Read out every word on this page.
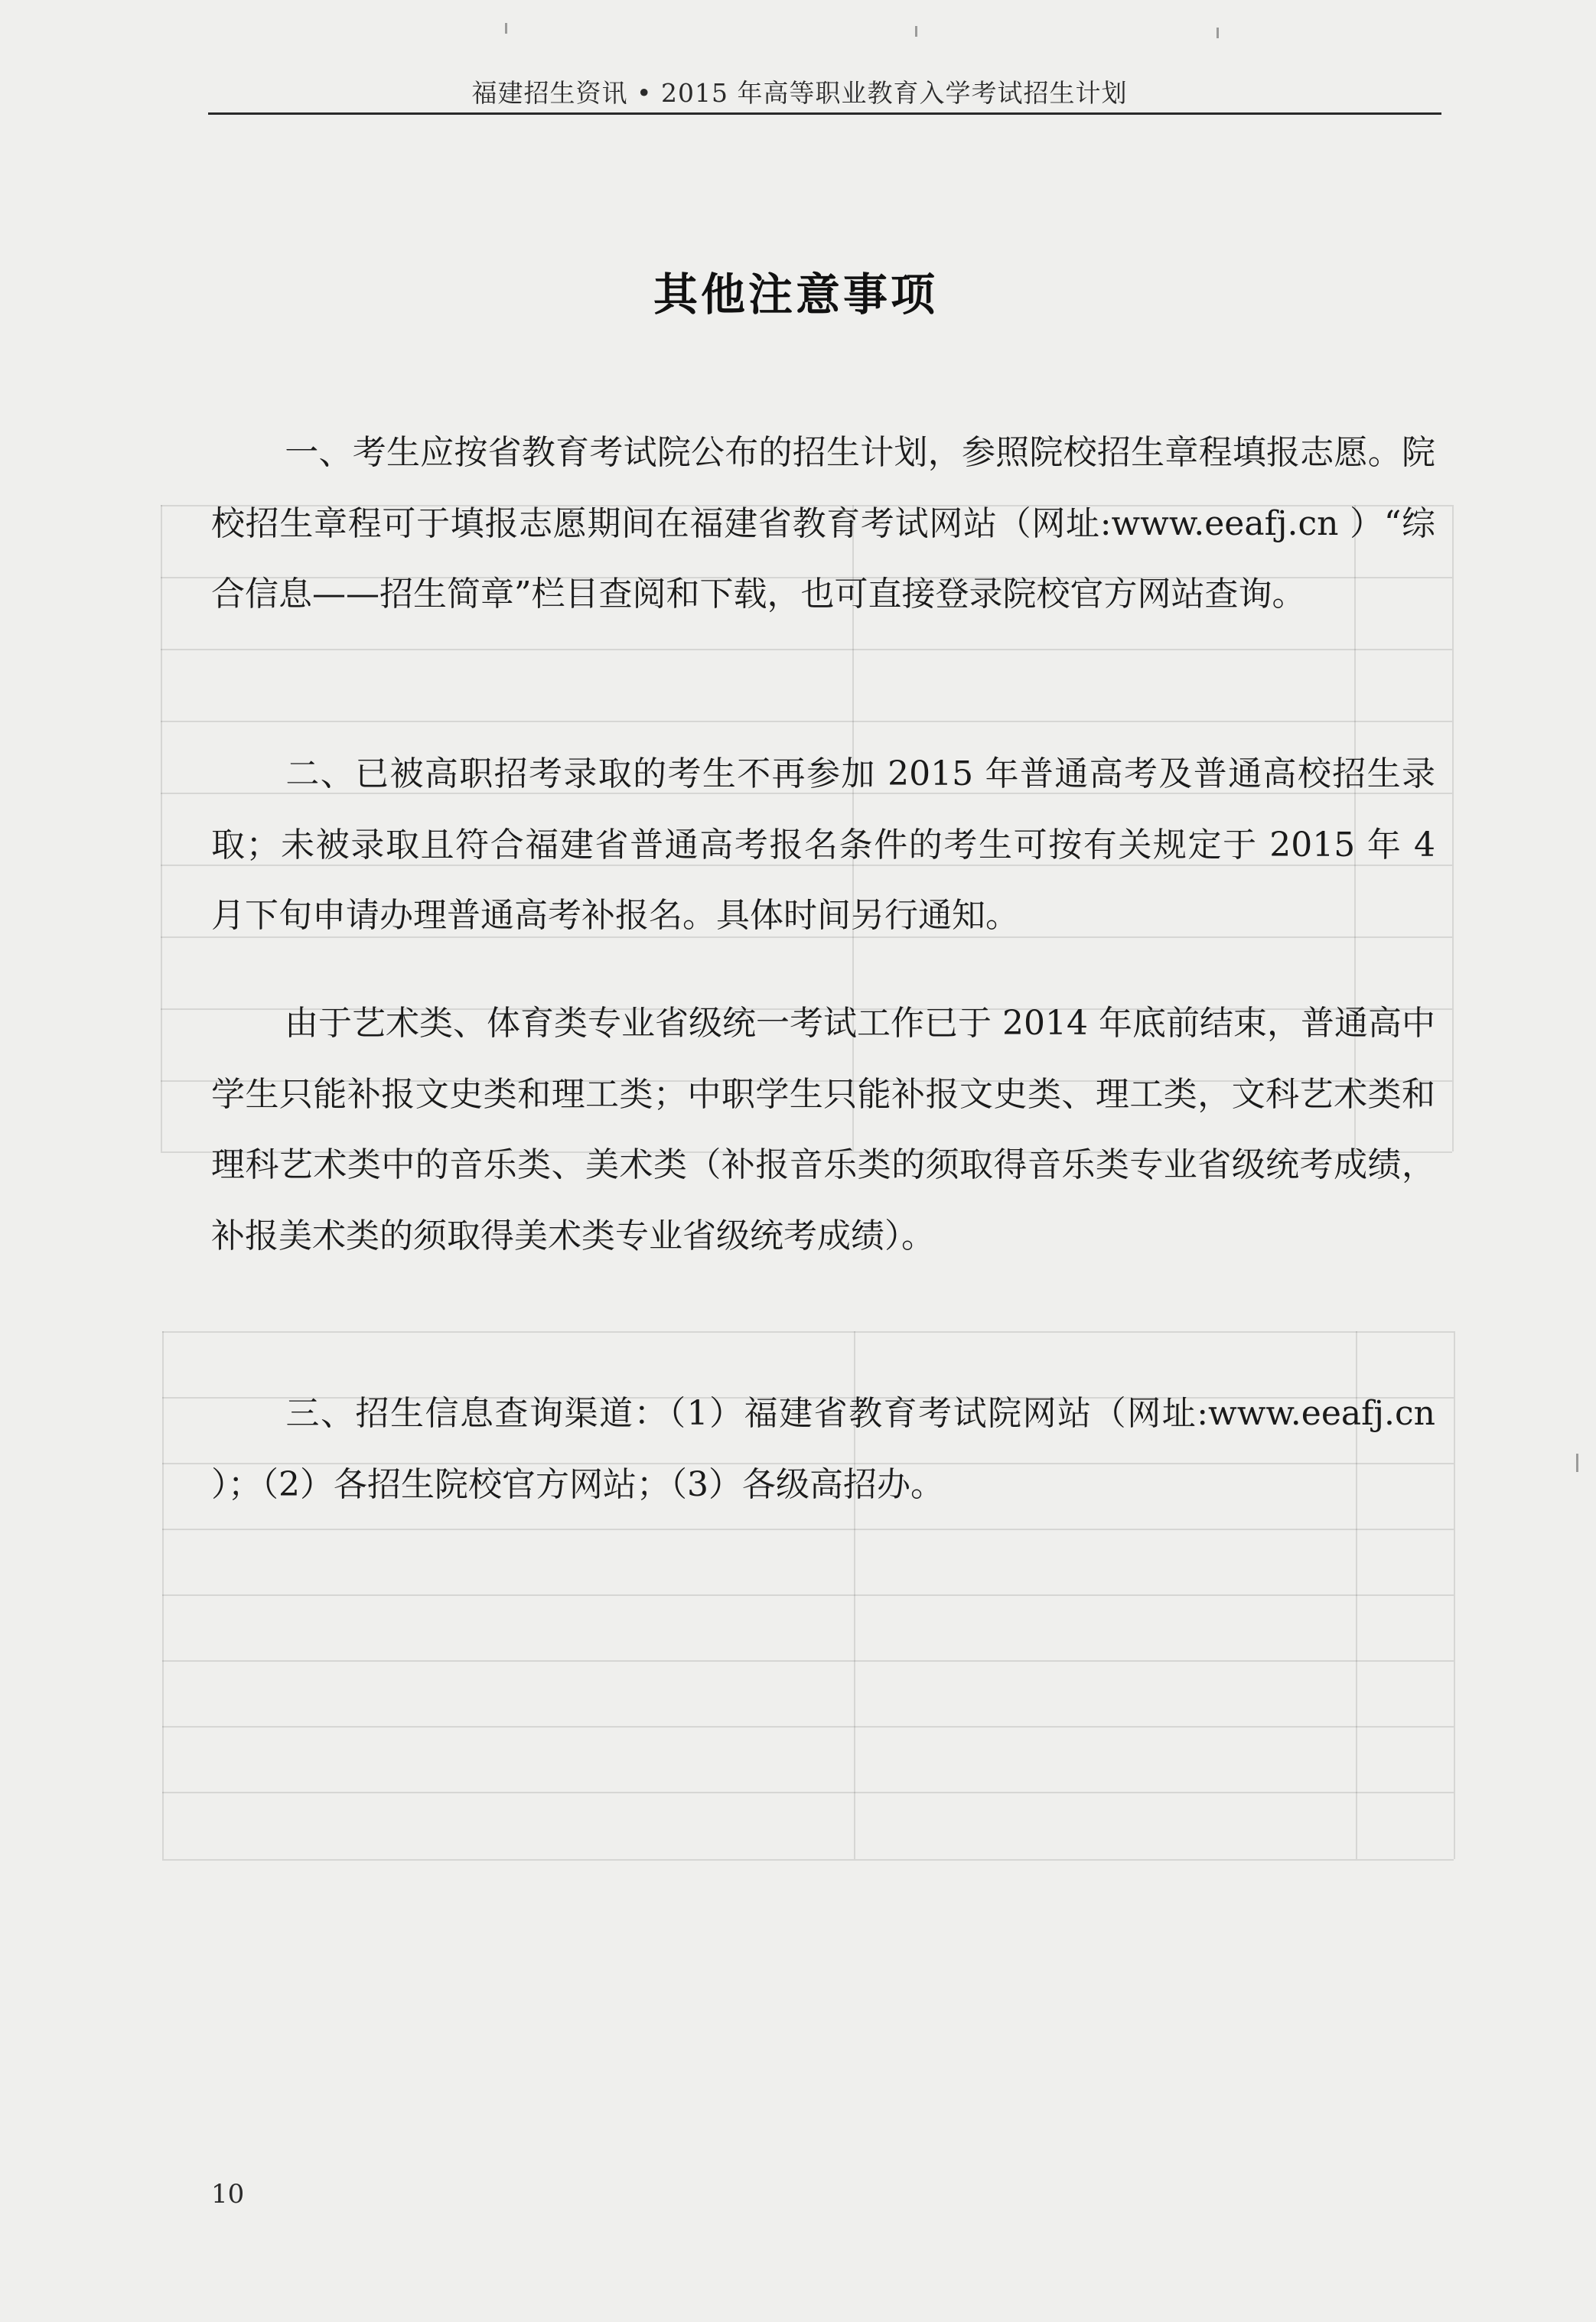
福建招生资讯 • 2015 年高等职业教育入学考试招生计划
其他注意事项

一、考生应按省教育考试院公布的招生计划，参照院校招生章程填报志愿。院校招生章程可于填报志愿期间在福建省教育考试网站（网址:www.eeafj.cn ）“综合信息——招生简章”栏目查阅和下载，也可直接登录院校官方网站查询。

二、已被高职招考录取的考生不再参加 2015 年普通高考及普通高校招生录取；未被录取且符合福建省普通高考报名条件的考生可按有关规定于 2015 年 4 月下旬申请办理普通高考补报名。具体时间另行通知。

由于艺术类、体育类专业省级统一考试工作已于 2014 年底前结束，普通高中学生只能补报文史类和理工类；中职学生只能补报文史类、理工类，文科艺术类和理科艺术类中的音乐类、美术类（补报音乐类的须取得音乐类专业省级统考成绩，补报美术类的须取得美术类专业省级统考成绩）。

三、招生信息查询渠道：（1）福建省教育考试院网站（网址:www.eeafj.cn ）；（2）各招生院校官方网站；（3）各级高招办。

10
